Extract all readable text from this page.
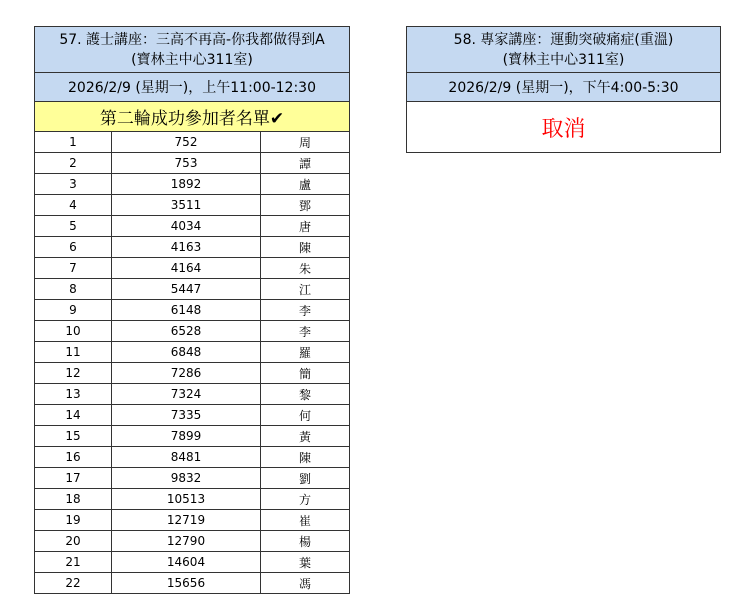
57. 護士講座：三高不再高-你我都做得到A
(寶林主中心311室)		

2026/2/9 (星期一)，上午11:00-12:30		
第二輪成功參加者名單✔		
1	752	周
2	753	譚
3	1892	盧
4	3511	鄧
5	4034	唐
6	4163	陳
7	4164	朱
8	5447	江
9	6148	李
10	6528	李
11	6848	羅
12	7286	簡
13	7324	黎
14	7335	何
15	7899	黃
16	8481	陳
17	9832	劉
18	10513	方
19	12719	崔
20	12790	楊
21	14604	葉
22	15656	馮
58. 專家講座：運動突破痛症(重溫)
(寶林主中心311室)

2026/2/9 (星期一)，下午4:00-5:30
取消
